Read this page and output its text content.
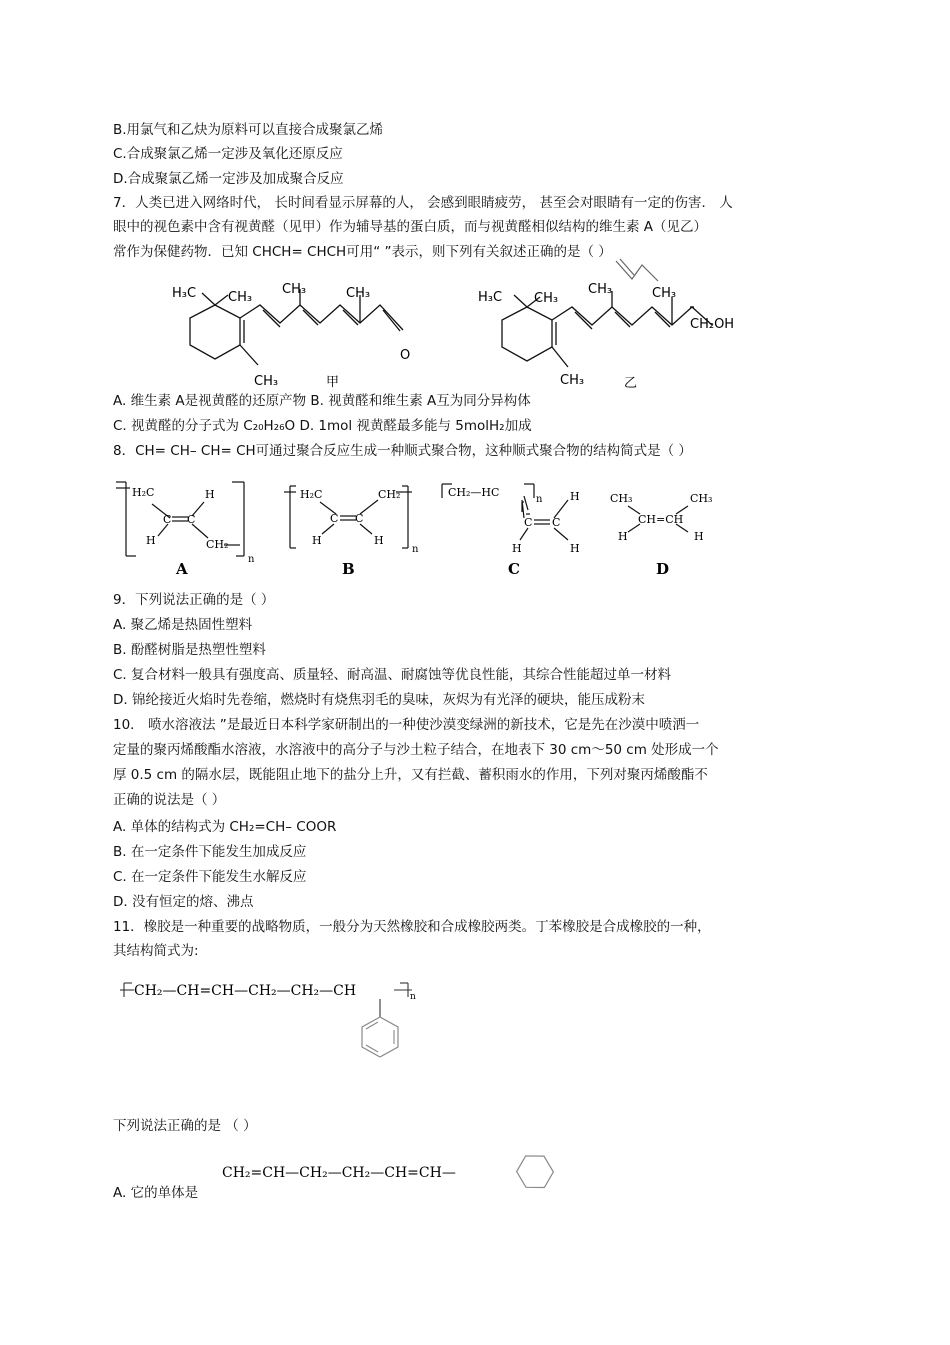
B.用氯气和乙炔为原料可以直接合成聚氯乙烯
C.合成聚氯乙烯一定涉及氧化还原反应
D.合成聚氯乙烯一定涉及加成聚合反应
7．人类已进入网络时代， 长时间看显示屏幕的人， 会感到眼睛疲劳， 甚至会对眼睛有一定的伤害． 人
眼中的视色素中含有视黄醛（见甲）作为辅导基的蛋白质，而与视黄醛相似结构的维生素 A（见乙）
常作为保健药物．已知 CHCH= CHCH可用“ ”表示，则下列有关叙述正确的是（ ）
H₃C CH₃
CH₃	CH₃
O
CH₃	甲
H₃C CH₃
CH₃	CH₃
CH₂OH
CH₃	乙
A. 维生素 A是视黄醛的还原产物 B. 视黄醛和维生素 A互为同分异构体
C. 视黄醛的分子式为 C₂₀H₂₆O D. 1mol 视黄醛最多能与 5molH₂加成
8．CH= CH– CH= CH可通过聚合反应生成一种顺式聚合物，这种顺式聚合物的结构简式是（ ）
H₂C	H
C C
H	CH₂
n
A
H₂C	CH₂
C C
H	H
n
B
CH₂—HC
n
C C
H
H	H
C
CH₃	CH₃
CH=CH
H	H
D
9．下列说法正确的是（ ）
A. 聚乙烯是热固性塑料
B. 酚醛树脂是热塑性塑料
C. 复合材料一般具有强度高、质量轻、耐高温、耐腐蚀等优良性能，其综合性能超过单一材料
D. 锦纶接近火焰时先卷缩，燃烧时有烧焦羽毛的臭味，灰烬为有光泽的硬块，能压成粉末
10． 喷水溶液法 ”是最近日本科学家研制出的一种使沙漠变绿洲的新技术，它是先在沙漠中喷洒一
定量的聚丙烯酸酯水溶液，水溶液中的高分子与沙土粒子结合，在地表下 30 cm～50 cm 处形成一个
厚 0.5 cm 的隔水层，既能阻止地下的盐分上升，又有拦截、蓄积雨水的作用，下列对聚丙烯酸酯不
正确的说法是（ ）
A. 单体的结构式为 CH₂=CH– COOR
B. 在一定条件下能发生加成反应
C. 在一定条件下能发生水解反应
D. 没有恒定的熔、沸点
11．橡胶是一种重要的战略物质，一般分为天然橡胶和合成橡胶两类。丁苯橡胶是合成橡胶的一种，
其结构简式为:
CH₂—CH=CH—CH₂—CH₂—CH	n
下列说法正确的是 （ ）
CH₂=CH—CH₂—CH₂—CH=CH—
A. 它的单体是
